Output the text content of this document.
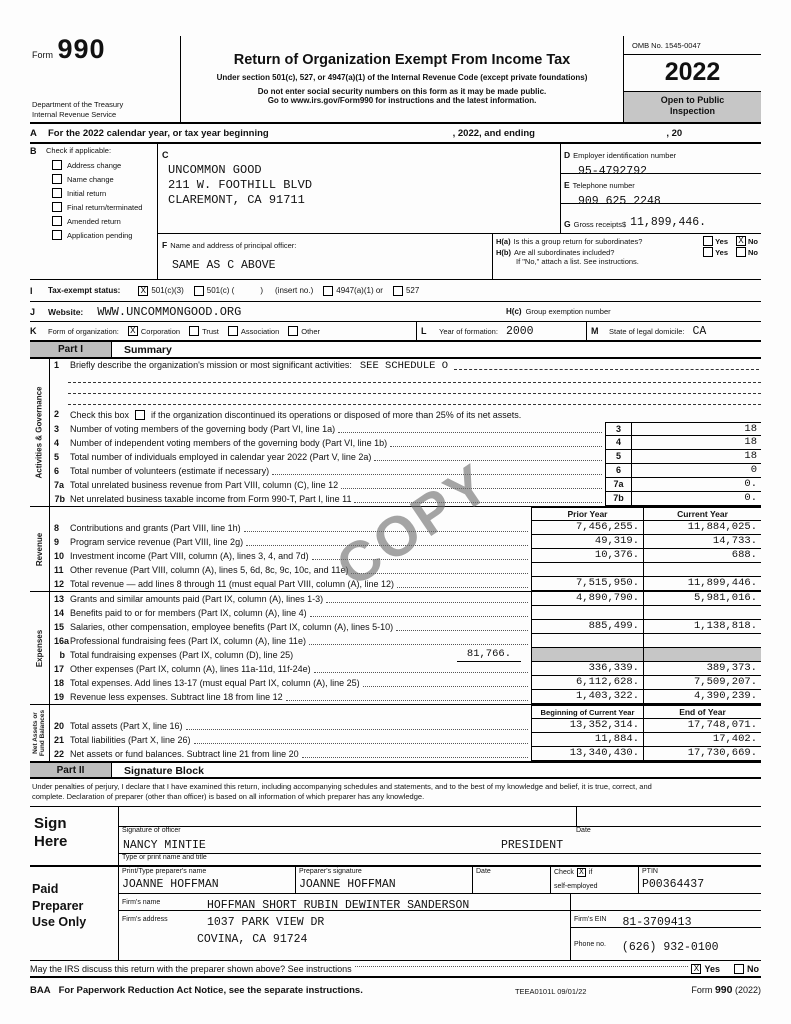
COPY
Form 990
Department of the Treasury
Internal Revenue Service
Return of Organization Exempt From Income Tax
Under section 501(c), 527, or 4947(a)(1) of the Internal Revenue Code (except private foundations)
Do not enter social security numbers on this form as it may be made public.
Go to www.irs.gov/Form990 for instructions and the latest information.
OMB No. 1545-0047
2022
Open to Public
Inspection
A	For the 2022 calendar year, or tax year beginning	, 2022, and ending	, 20
B	Check if applicable:
Address change
Name change
Initial return
Final return/terminated
Amended return
Application pending
C
UNCOMMON GOOD
211 W. FOOTHILL BLVD
CLAREMONT, CA 91711
D Employer identification number
95-4792792
E Telephone number
909 625 2248
G Gross receipts $ 11,899,446.
F Name and address of principal officer:
SAME AS C ABOVE
H(a) Is this a group return for subordinates?	Yes X No
H(b) Are all subordinates included?	Yes	No
If "No," attach a list. See instructions.
I	Tax-exempt status: X 501(c)(3)	501(c) (	) (insert no.)	4947(a)(1) or	527
J	Website: WWW.UNCOMMONGOOD.ORG	H(c) Group exemption number
K	Form of organization: X Corporation	Trust	Association	Other	L	Year of formation: 2000	M	State of legal domicile: CA
Part I	Summary
Activities & Governance
1	Briefly describe the organization's mission or most significant activities: SEE SCHEDULE O
2	Check this box if the organization discontinued its operations or disposed of more than 25% of its net assets.
3	Number of voting members of the governing body (Part VI, line 1a)	3	18
4	Number of independent voting members of the governing body (Part VI, line 1b)	4	18
5	Total number of individuals employed in calendar year 2022 (Part V, line 2a)	5	18
6	Total number of volunteers (estimate if necessary)	6	0
7a Total unrelated business revenue from Part VIII, column (C), line 12	7a	0.
7b Net unrelated business taxable income from Form 990-T, Part I, line 11	7b	0.
Revenue
Prior Year	Current Year
8	Contributions and grants (Part VIII, line 1h)	7,456,255.	11,884,025.
9	Program service revenue (Part VIII, line 2g)	49,319.	14,733.
10 Investment income (Part VIII, column (A), lines 3, 4, and 7d)	10,376.	688.
11 Other revenue (Part VIII, column (A), lines 5, 6d, 8c, 9c, 10c, and 11e)
12 Total revenue — add lines 8 through 11 (must equal Part VIII, column (A), line 12)	7,515,950.	11,899,446.
Expenses
13 Grants and similar amounts paid (Part IX, column (A), lines 1-3)	4,890,790.	5,981,016.
14 Benefits paid to or for members (Part IX, column (A), line 4)
15 Salaries, other compensation, employee benefits (Part IX, column (A), lines 5-10)	885,499.	1,138,818.
16a Professional fundraising fees (Part IX, column (A), line 11e)
b Total fundraising expenses (Part IX, column (D), line 25)	81,766.
17 Other expenses (Part IX, column (A), lines 11a-11d, 11f-24e)	336,339.	389,373.
18 Total expenses. Add lines 13-17 (must equal Part IX, column (A), line 25)	6,112,628.	7,509,207.
19 Revenue less expenses. Subtract line 18 from line 12	1,403,322.	4,390,239.
Net Assets or Fund Balances	Beginning of Current Year	End of Year
20 Total assets (Part X, line 16)	13,352,314.	17,748,071.
21 Total liabilities (Part X, line 26)	11,884.	17,402.
22 Net assets or fund balances. Subtract line 21 from line 20	13,340,430.	17,730,669.
Part II	Signature Block
Under penalties of perjury, I declare that I have examined this return, including accompanying schedules and statements, and to the best of my knowledge and belief, it is true, correct, and
complete. Declaration of preparer (other than officer) is based on all information of which preparer has any knowledge.
Sign
Here
Signature of officer	Date
NANCY MINTIE	PRESIDENT
Type or print name and title
Paid
Preparer
Use Only
Print/Type preparer's name
JOANNE HOFFMAN
Preparer's signature
JOANNE HOFFMAN
Date	Check X if
self-employed
PTIN
P00364437
Firm's name	HOFFMAN SHORT RUBIN DEWINTER SANDERSON
Firm's address	1037 PARK VIEW DR
COVINA, CA 91724
Firm's EIN 81-3709413
Phone no. (626) 932-0100
May the IRS discuss this return with the preparer shown above? See instructions	X Yes	No
BAA For Paperwork Reduction Act Notice, see the separate instructions.	TEEA0101L 09/01/22	Form 990 (2022)
